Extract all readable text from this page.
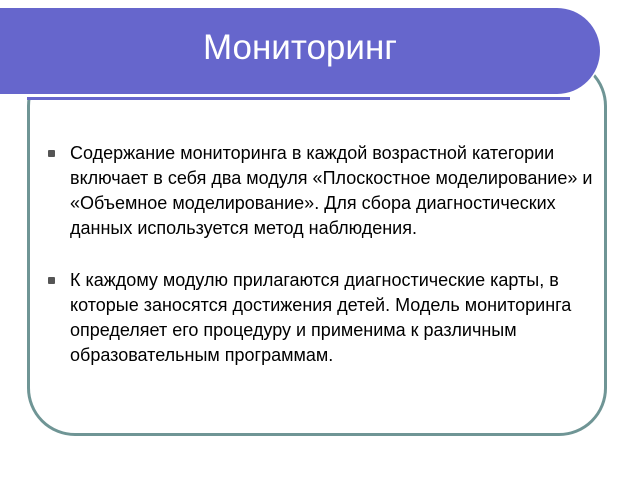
Мониторинг
Содержание мониторинга в каждой возрастной категории включает в себя два модуля «Плоскостное моделирование» и «Объемное моделирование». Для сбора диагностических данных используется метод наблюдения.
К каждому модулю прилагаются диагностические карты, в которые заносятся достижения детей. Модель мониторинга определяет его процедуру и применима к различным образовательным программам.
